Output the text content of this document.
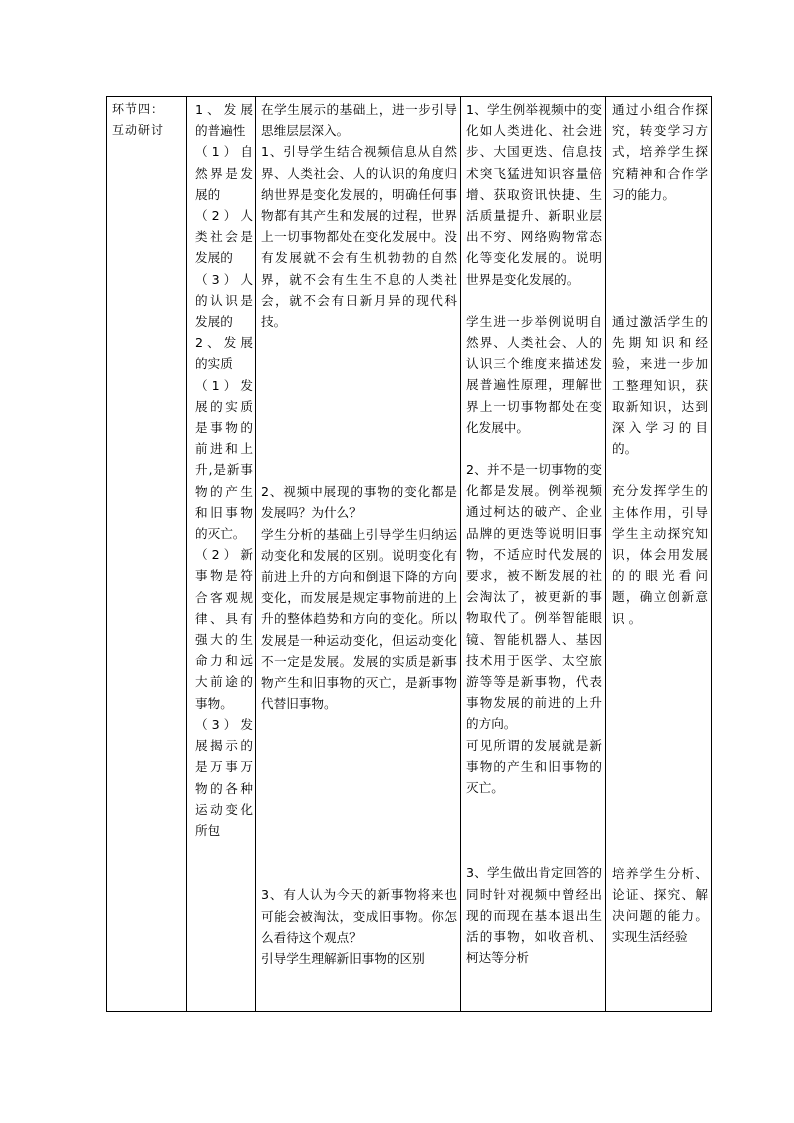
环节四：

互动研讨

1、发展的普遍性

（1）自然界是发展的

（2）人类社会是发展的

（3）人的认识是发展的

2、发展的实质

（1）发展的实质是事物的前进和上升,是新事物的产生和旧事物的灭亡。

（2）新事物是符合客观规律、具有强大的生命力和远大前途的事物。

（3）发展揭示的是万事万物的各种运动变化所包

在学生展示的基础上，进一步引导思维层层深入。

1、引导学生结合视频信息从自然界、人类社会、人的认识的角度归纳世界是变化发展的，明确任何事物都有其产生和发展的过程，世界上一切事物都处在变化发展中。没有发展就不会有生机勃勃的自然界，就不会有生生不息的人类社会，就不会有日新月异的现代科技。

2、视频中展现的事物的变化都是发展吗？为什么？

学生分析的基础上引导学生归纳运动变化和发展的区别。说明变化有前进上升的方向和倒退下降的方向变化，而发展是规定事物前进的上升的整体趋势和方向的变化。所以发展是一种运动变化，但运动变化不一定是发展。发展的实质是新事物产生和旧事物的灭亡，是新事物代替旧事物。

3、有人认为今天的新事物将来也可能会被淘汰，变成旧事物。你怎么看待这个观点？

引导学生理解新旧事物的区别

1、学生例举视频中的变化如人类进化、社会进步、大国更迭、信息技术突飞猛进知识容量倍增、获取资讯快捷、生活质量提升、新职业层出不穷、网络购物常态化等变化发展的。说明世界是变化发展的。

学生进一步举例说明自然界、人类社会、人的认识三个维度来描述发展普遍性原理，理解世界上一切事物都处在变化发展中。

2、并不是一切事物的变化都是发展。例举视频通过柯达的破产、企业品牌的更迭等说明旧事物，不适应时代发展的要求，被不断发展的社会淘汰了，被更新的事物取代了。例举智能眼镜、智能机器人、基因技术用于医学、太空旅游等等是新事物，代表事物发展的前进的上升的方向。

可见所谓的发展就是新事物的产生和旧事物的灭亡。

3、学生做出肯定回答的同时针对视频中曾经出现的而现在基本退出生活的事物，如收音机、柯达等分析

通过小组合作探究，转变学习方式，培养学生探究精神和合作学习的能力。

通过激活学生的先期知识和经验，来进一步加工整理知识，获取新知识，达到深入学习的目的。

充分发挥学生的主体作用，引导学生主动探究知识，体会用发展的的眼光看问题，确立创新意识 。

培养学生分析、论证、探究、解决问题的能力。实现生活经验
